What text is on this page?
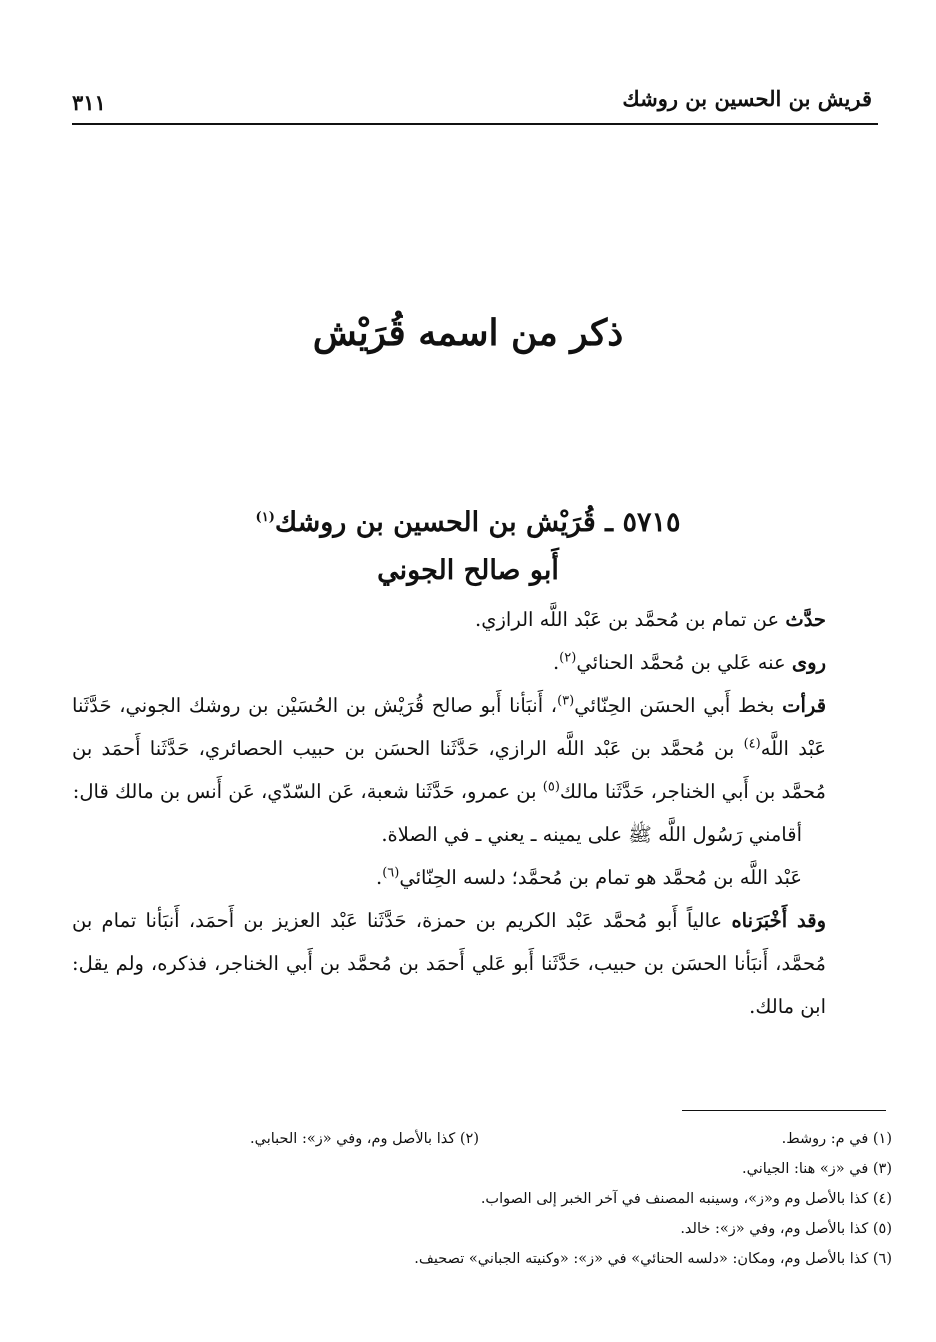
قريش بن الحسين بن روشك
٣١١
ذكر من اسمه قُرَيْش
٥٧١٥ ـ قُرَيْش بن الحسين بن روشك$^{(١)}$
أَبو صالح الجوني

حدَّث عن تمام بن مُحمَّد بن عَبْد اللَّه الرازي.

روى عنه عَلي بن مُحمَّد الحنائي$^{(٢)}$.

قرأت بخط أَبي الحسَن الحِنّائي$^{(٣)}$، أَنبَأنا أَبو صالح قُرَيْش بن الحُسَيْن بن روشك الجوني، حَدَّثَنا عَبْد اللَّه$^{(٤)}$ بن مُحمَّد بن عَبْد اللَّه الرازي، حَدَّثَنا الحسَن بن حبيب الحصائري، حَدَّثَنا أَحمَد بن مُحمَّد بن أَبي الخناجر، حَدَّثَنا مالك$^{(٥)}$ بن عمرو، حَدَّثَنا شعبة، عَن السّدّي، عَن أَنس بن مالك قال:

أقامني رَسُول اللَّه ﷺ على يمينه ـ يعني ـ في الصلاة.

عَبْد اللَّه بن مُحمَّد هو تمام بن مُحمَّد؛ دلسه الحِنّائي$^{(٦)}$.

وقد أَخْبَرَناه عالياً أَبو مُحمَّد عَبْد الكريم بن حمزة، حَدَّثَنا عَبْد العزيز بن أَحمَد، أَنبَأنا تمام بن مُحمَّد، أَنبَأنا الحسَن بن حبيب، حَدَّثَنا أَبو عَلي أَحمَد بن مُحمَّد بن أَبي الخناجر، فذكره، ولم يقل: ابن مالك.

(١) في م: روشط.
(٢) كذا بالأصل وم، وفي «ز»: الحبابي.
(٣) في «ز» هنا: الجياني.
(٤) كذا بالأصل وم و«ز»، وسينبه المصنف في آخر الخبر إلى الصواب.
(٥) كذا بالأصل وم، وفي «ز»: خالد.
(٦) كذا بالأصل وم، ومكان: «دلسه الحنائي» في «ز»: «وكنيته الجباني» تصحيف.
